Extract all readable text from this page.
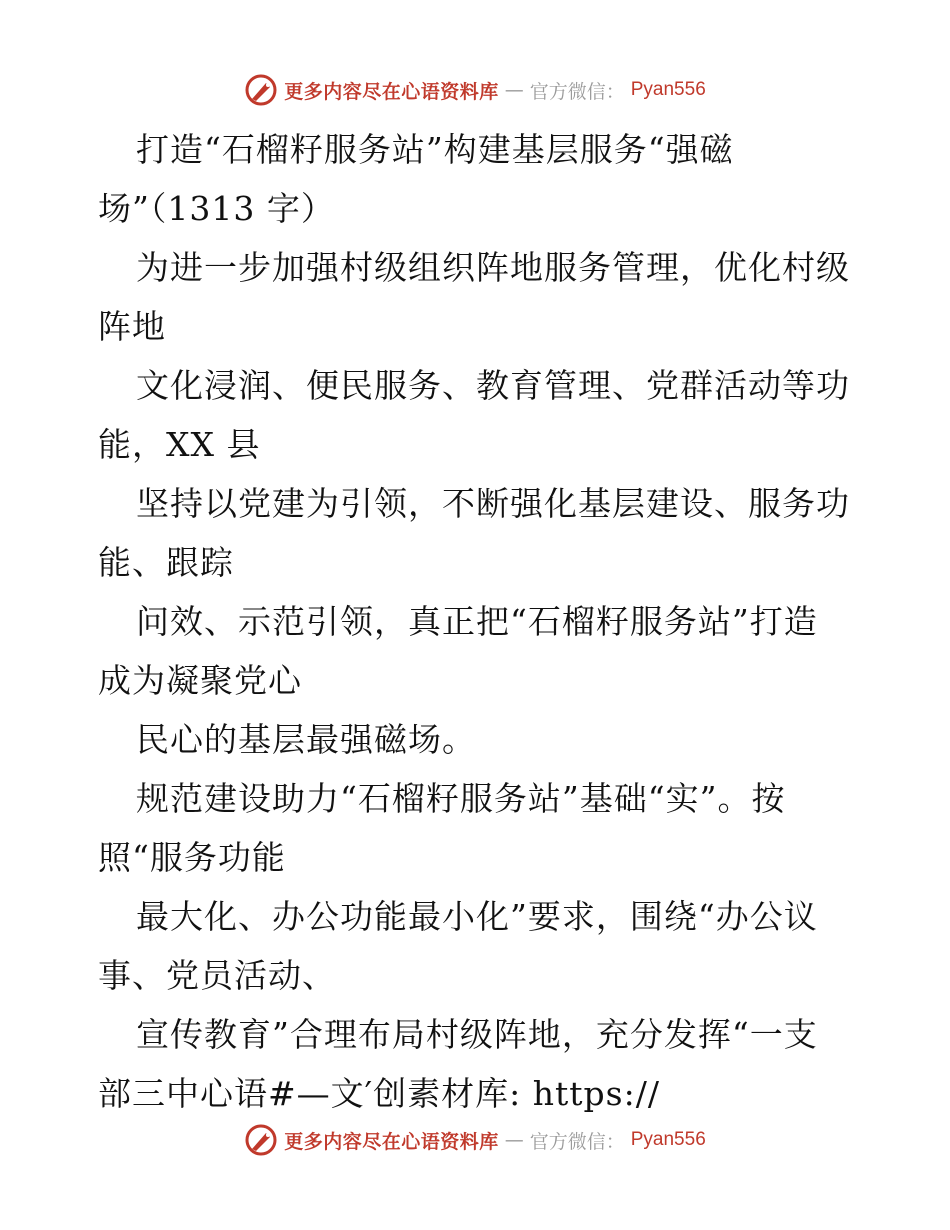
更多内容尽在心语资料库 — 官方微信： Pyan556
打造“石榴籽服务站”构建基层服务“强磁
场”（1313 字）
为进一步加强村级组织阵地服务管理，优化村级
阵地
文化浸润、便民服务、教育管理、党群活动等功
能，XX 县
坚持以党建为引领，不断强化基层建设、服务功
能、跟踪
问效、示范引领，真正把“石榴籽服务站”打造
成为凝聚党心
民心的基层最强磁场。
规范建设助力“石榴籽服务站”基础“实”。按
照“服务功能
最大化、办公功能最小化”要求，围绕“办公议
事、党员活动、
宣传教育”合理布局村级阵地，充分发挥“一支
部三中心语#—文′创素材库: https://
更多内容尽在心语资料库 — 官方微信： Pyan556
